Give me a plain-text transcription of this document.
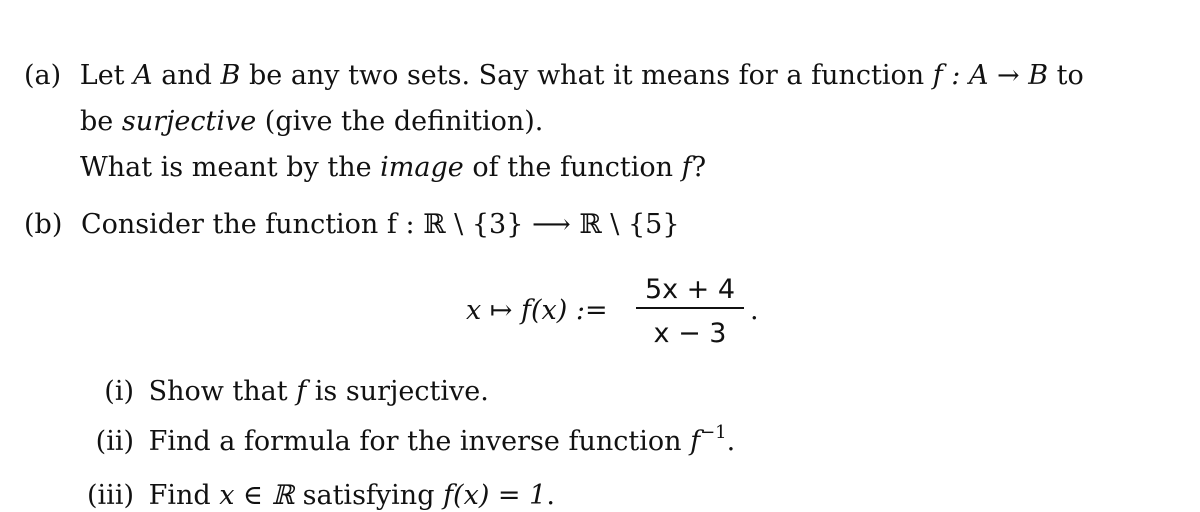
(a) Let A and B be any two sets. Say what it means for a function f : A → B to
be surjective (give the definition).
What is meant by the image of the function f?
(b) Consider the function f : ℝ \ {3} ⟶ ℝ \ {5}
x ↦ f(x) :=
5x + 4
x − 3
.
(i) Show that f is surjective.
(ii) Find a formula for the inverse function $f^{-1}$.
(iii) Find x ∈ ℝ satisfying f(x) = 1.
